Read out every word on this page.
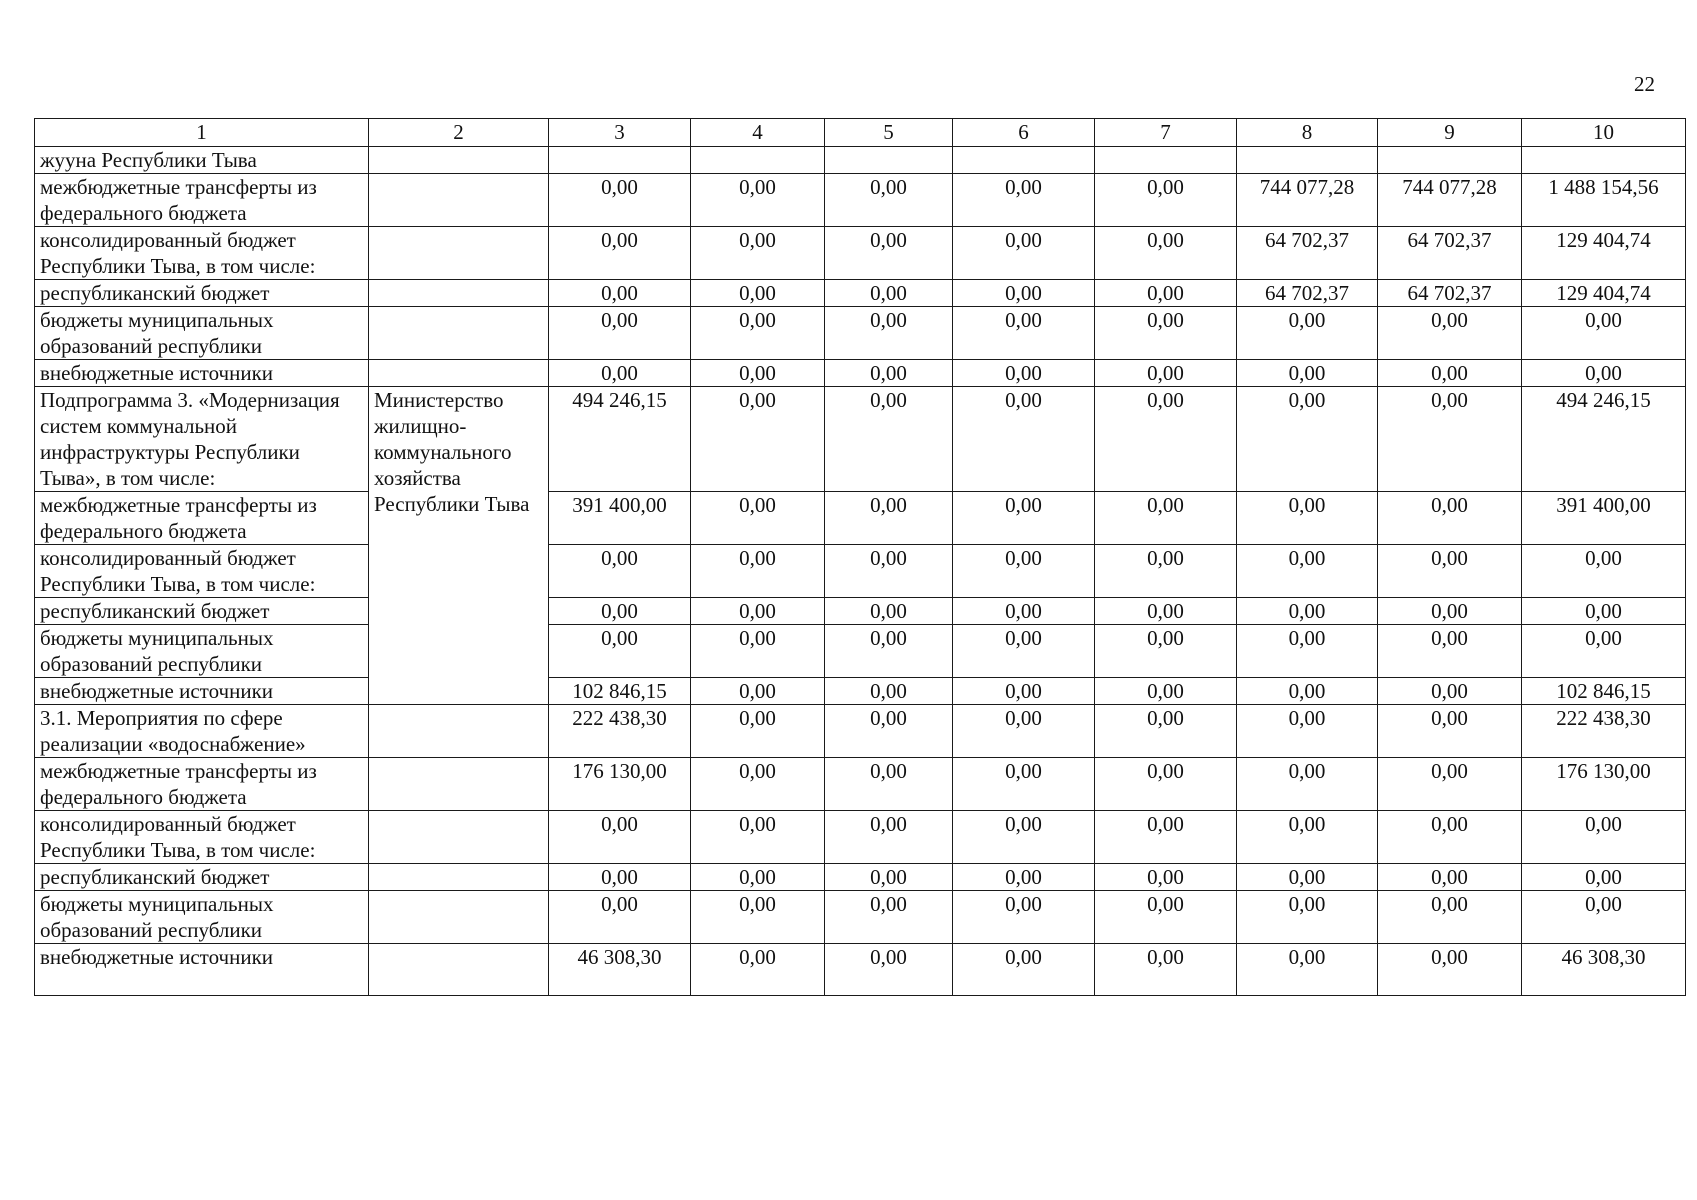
22
1	2	3	4	5	6	7	8	9	10
жууна Республики Тыва									
межбюджетные трансферты из федерального бюджета		0,00	0,00	0,00	0,00	0,00	744 077,28	744 077,28	1 488 154,56
консолидированный бюджет Республики Тыва, в том числе:		0,00	0,00	0,00	0,00	0,00	64 702,37	64 702,37	129 404,74
республиканский бюджет		0,00	0,00	0,00	0,00	0,00	64 702,37	64 702,37	129 404,74
бюджеты муниципальных образований республики		0,00	0,00	0,00	0,00	0,00	0,00	0,00	0,00
внебюджетные источники		0,00	0,00	0,00	0,00	0,00	0,00	0,00	0,00
Подпрограмма 3. «Модернизация систем коммунальной инфраструктуры Республики Тыва», в том числе:	Министерство жилищно-коммунального хозяйства Республики Тыва	494 246,15	0,00	0,00	0,00	0,00	0,00	0,00	494 246,15
межбюджетные трансферты из федерального бюджета		391 400,00	0,00	0,00	0,00	0,00	0,00	0,00	391 400,00
консолидированный бюджет Республики Тыва, в том числе:		0,00	0,00	0,00	0,00	0,00	0,00	0,00	0,00
республиканский бюджет		0,00	0,00	0,00	0,00	0,00	0,00	0,00	0,00
бюджеты муниципальных образований республики		0,00	0,00	0,00	0,00	0,00	0,00	0,00	0,00
внебюджетные источники		102 846,15	0,00	0,00	0,00	0,00	0,00	0,00	102 846,15
3.1. Мероприятия по сфере реализации «водоснабжение»		222 438,30	0,00	0,00	0,00	0,00	0,00	0,00	222 438,30
межбюджетные трансферты из федерального бюджета		176 130,00	0,00	0,00	0,00	0,00	0,00	0,00	176 130,00
консолидированный бюджет Республики Тыва, в том числе:		0,00	0,00	0,00	0,00	0,00	0,00	0,00	0,00
республиканский бюджет		0,00	0,00	0,00	0,00	0,00	0,00	0,00	0,00
бюджеты муниципальных образований республики		0,00	0,00	0,00	0,00	0,00	0,00	0,00	0,00
внебюджетные источники		46 308,30	0,00	0,00	0,00	0,00	0,00	0,00	46 308,30
